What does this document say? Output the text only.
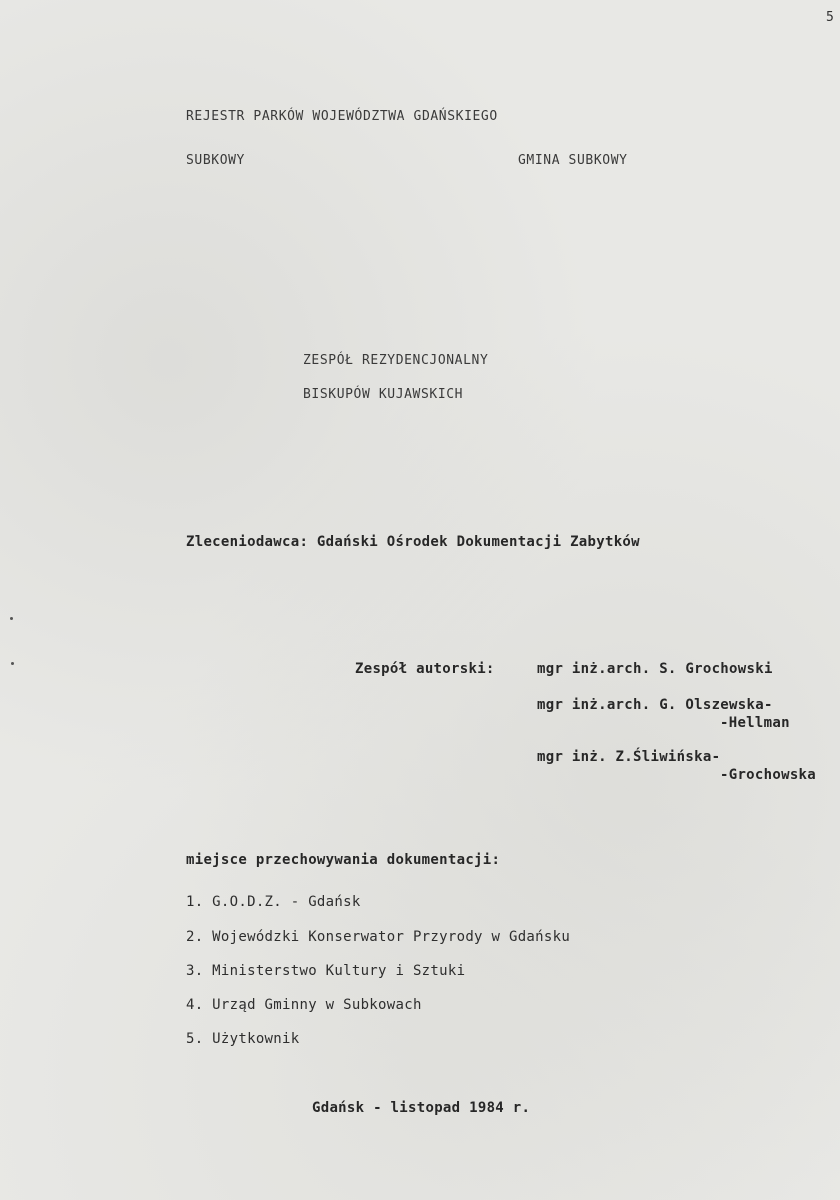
5
REJESTR PARKÓW WOJEWÓDZTWA GDAŃSKIEGO
SUBKOWY	GMINA SUBKOWY
ZESPÓŁ REZYDENCJONALNY
BISKUPÓW KUJAWSKICH
Zleceniodawca: Gdański Ośrodek Dokumentacji Zabytków
Zespół autorski:	mgr inż.arch. S. Grochowski
mgr inż.arch. G. Olszewska-
-Hellman
mgr inż. Z.Śliwińska-
-Grochowska
miejsce przechowywania dokumentacji:
1. G.O.D.Z. - Gdańsk
2. Wojewódzki Konserwator Przyrody w Gdańsku
3. Ministerstwo Kultury i Sztuki
4. Urząd Gminny w Subkowach
5. Użytkownik
Gdańsk - listopad 1984 r.
